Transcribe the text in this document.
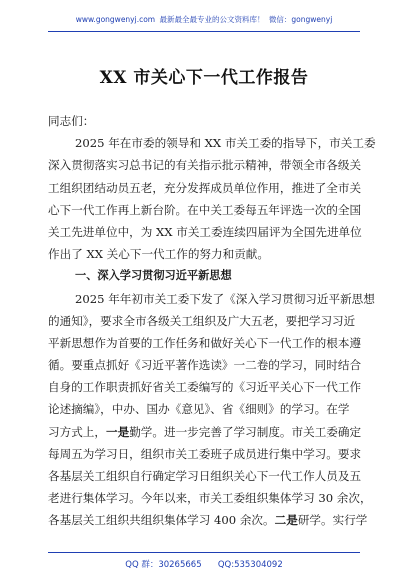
www.gongwenyj.com 最新最全最专业的公文资料库！ 微信：gongwenyj
XX 市关心下一代工作报告
同志们：
2025 年在市委的领导和 XX 市关工委的指导下，市关工委
深入贯彻落实习总书记的有关指示批示精神，带领全市各级关
工组织团结动员五老，充分发挥成员单位作用，推进了全市关
心下一代工作再上新台阶。在中关工委每五年评选一次的全国
关工先进单位中，为 XX 市关工委连续四届评为全国先进单位
作出了 XX 关心下一代工作的努力和贡献。
一、深入学习贯彻习近平新思想
2025 年年初市关工委下发了《深入学习贯彻习近平新思想
的通知》，要求全市各级关工组织及广大五老，要把学习习近
平新思想作为首要的工作任务和做好关心下一代工作的根本遵
循。要重点抓好《习近平著作选读》一二卷的学习，同时结合
自身的工作职责抓好省关工委编写的《习近平关心下一代工作
论述摘编》，中办、国办《意见》、省《细则》的学习。在学
习方式上，一是勤学。进一步完善了学习制度。市关工委确定
每周五为学习日，组织市关工委班子成员进行集中学习。要求
各基层关工组织自行确定学习日组织关心下一代工作人员及五
老进行集体学习。今年以来，市关工委组织集体学习 30 余次，
各基层关工组织共组织集体学习 400 余次。二是研学。实行学
QQ 群：30265665 QQ:535304092
